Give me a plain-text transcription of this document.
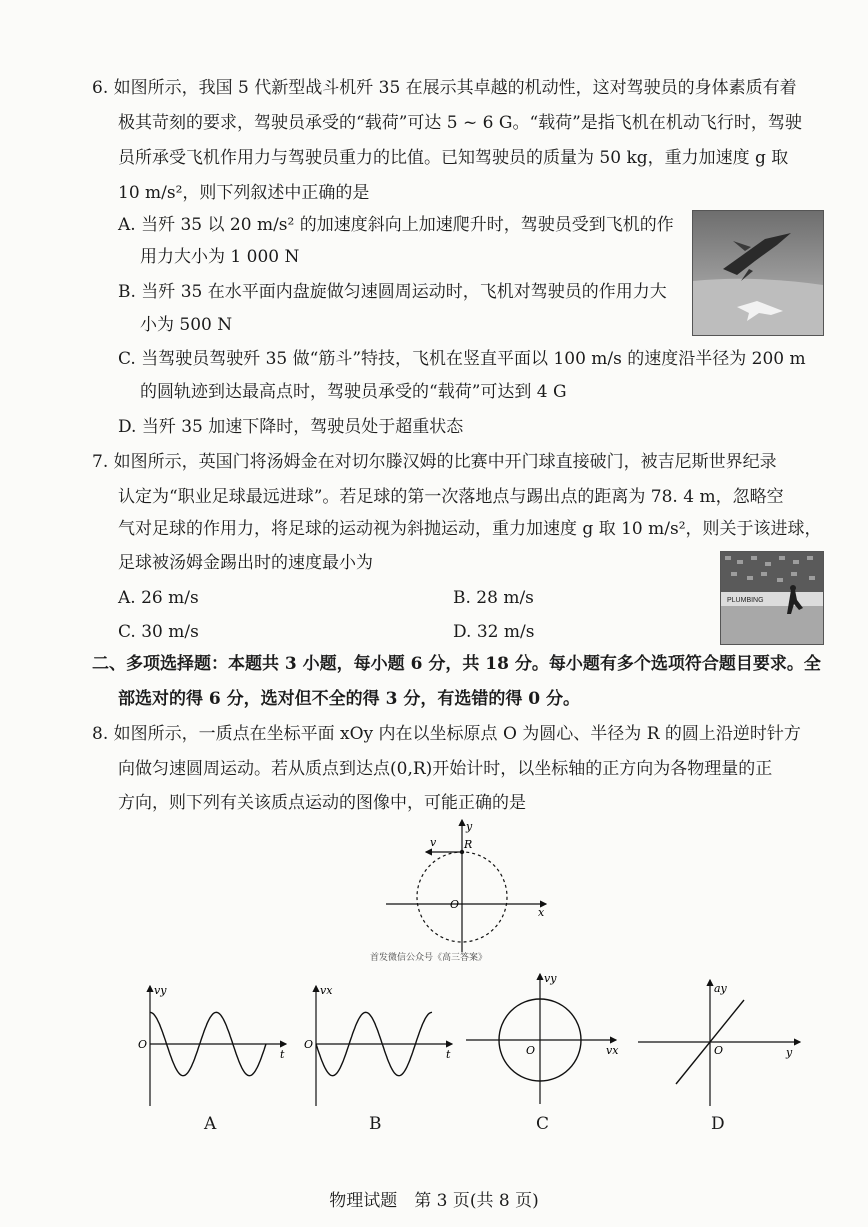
6. 如图所示，我国 5 代新型战斗机歼 35 在展示其卓越的机动性，这对驾驶员的身体素质有着
极其苛刻的要求，驾驶员承受的“载荷”可达 5 ~ 6 G。“载荷”是指飞机在机动飞行时，驾驶
员所承受飞机作用力与驾驶员重力的比值。已知驾驶员的质量为 50 kg，重力加速度 g 取
10 m/s²，则下列叙述中正确的是
A. 当歼 35 以 20 m/s² 的加速度斜向上加速爬升时，驾驶员受到飞机的作
用力大小为 1 000 N
B. 当歼 35 在水平面内盘旋做匀速圆周运动时，飞机对驾驶员的作用力大
小为 500 N
C. 当驾驶员驾驶歼 35 做“筋斗”特技，飞机在竖直平面以 100 m/s 的速度沿半径为 200 m
的圆轨迹到达最高点时，驾驶员承受的“载荷”可达到 4 G
D. 当歼 35 加速下降时，驾驶员处于超重状态
7. 如图所示，英国门将汤姆金在对切尔滕汉姆的比赛中开门球直接破门，被吉尼斯世界纪录
认定为“职业足球最远进球”。若足球的第一次落地点与踢出点的距离为 78. 4 m，忽略空
气对足球的作用力，将足球的运动视为斜抛运动，重力加速度 g 取 10 m/s²，则关于该进球，
足球被汤姆金踢出时的速度最小为
A. 26 m/s	B. 28 m/s
C. 30 m/s	D. 32 m/s
PLUMBING
二、多项选择题：本题共 3 小题，每小题 6 分，共 18 分。每小题有多个选项符合题目要求。全
部选对的得 6 分，选对但不全的得 3 分，有选错的得 0 分。
8. 如图所示，一质点在坐标平面 xOy 内在以坐标原点 O 为圆心、半径为 R 的圆上沿逆时针方
向做匀速圆周运动。若从质点到达点(0,R)开始计时，以坐标轴的正方向为各物理量的正
方向，则下列有关该质点运动的图像中，可能正确的是
v
y
R
O
x
首发微信公众号《高三答案》
vy
t
O
A
vx
t
O
B
vy
vx
O
C
ay
y
O
D
物理试题　第 3 页(共 8 页)
